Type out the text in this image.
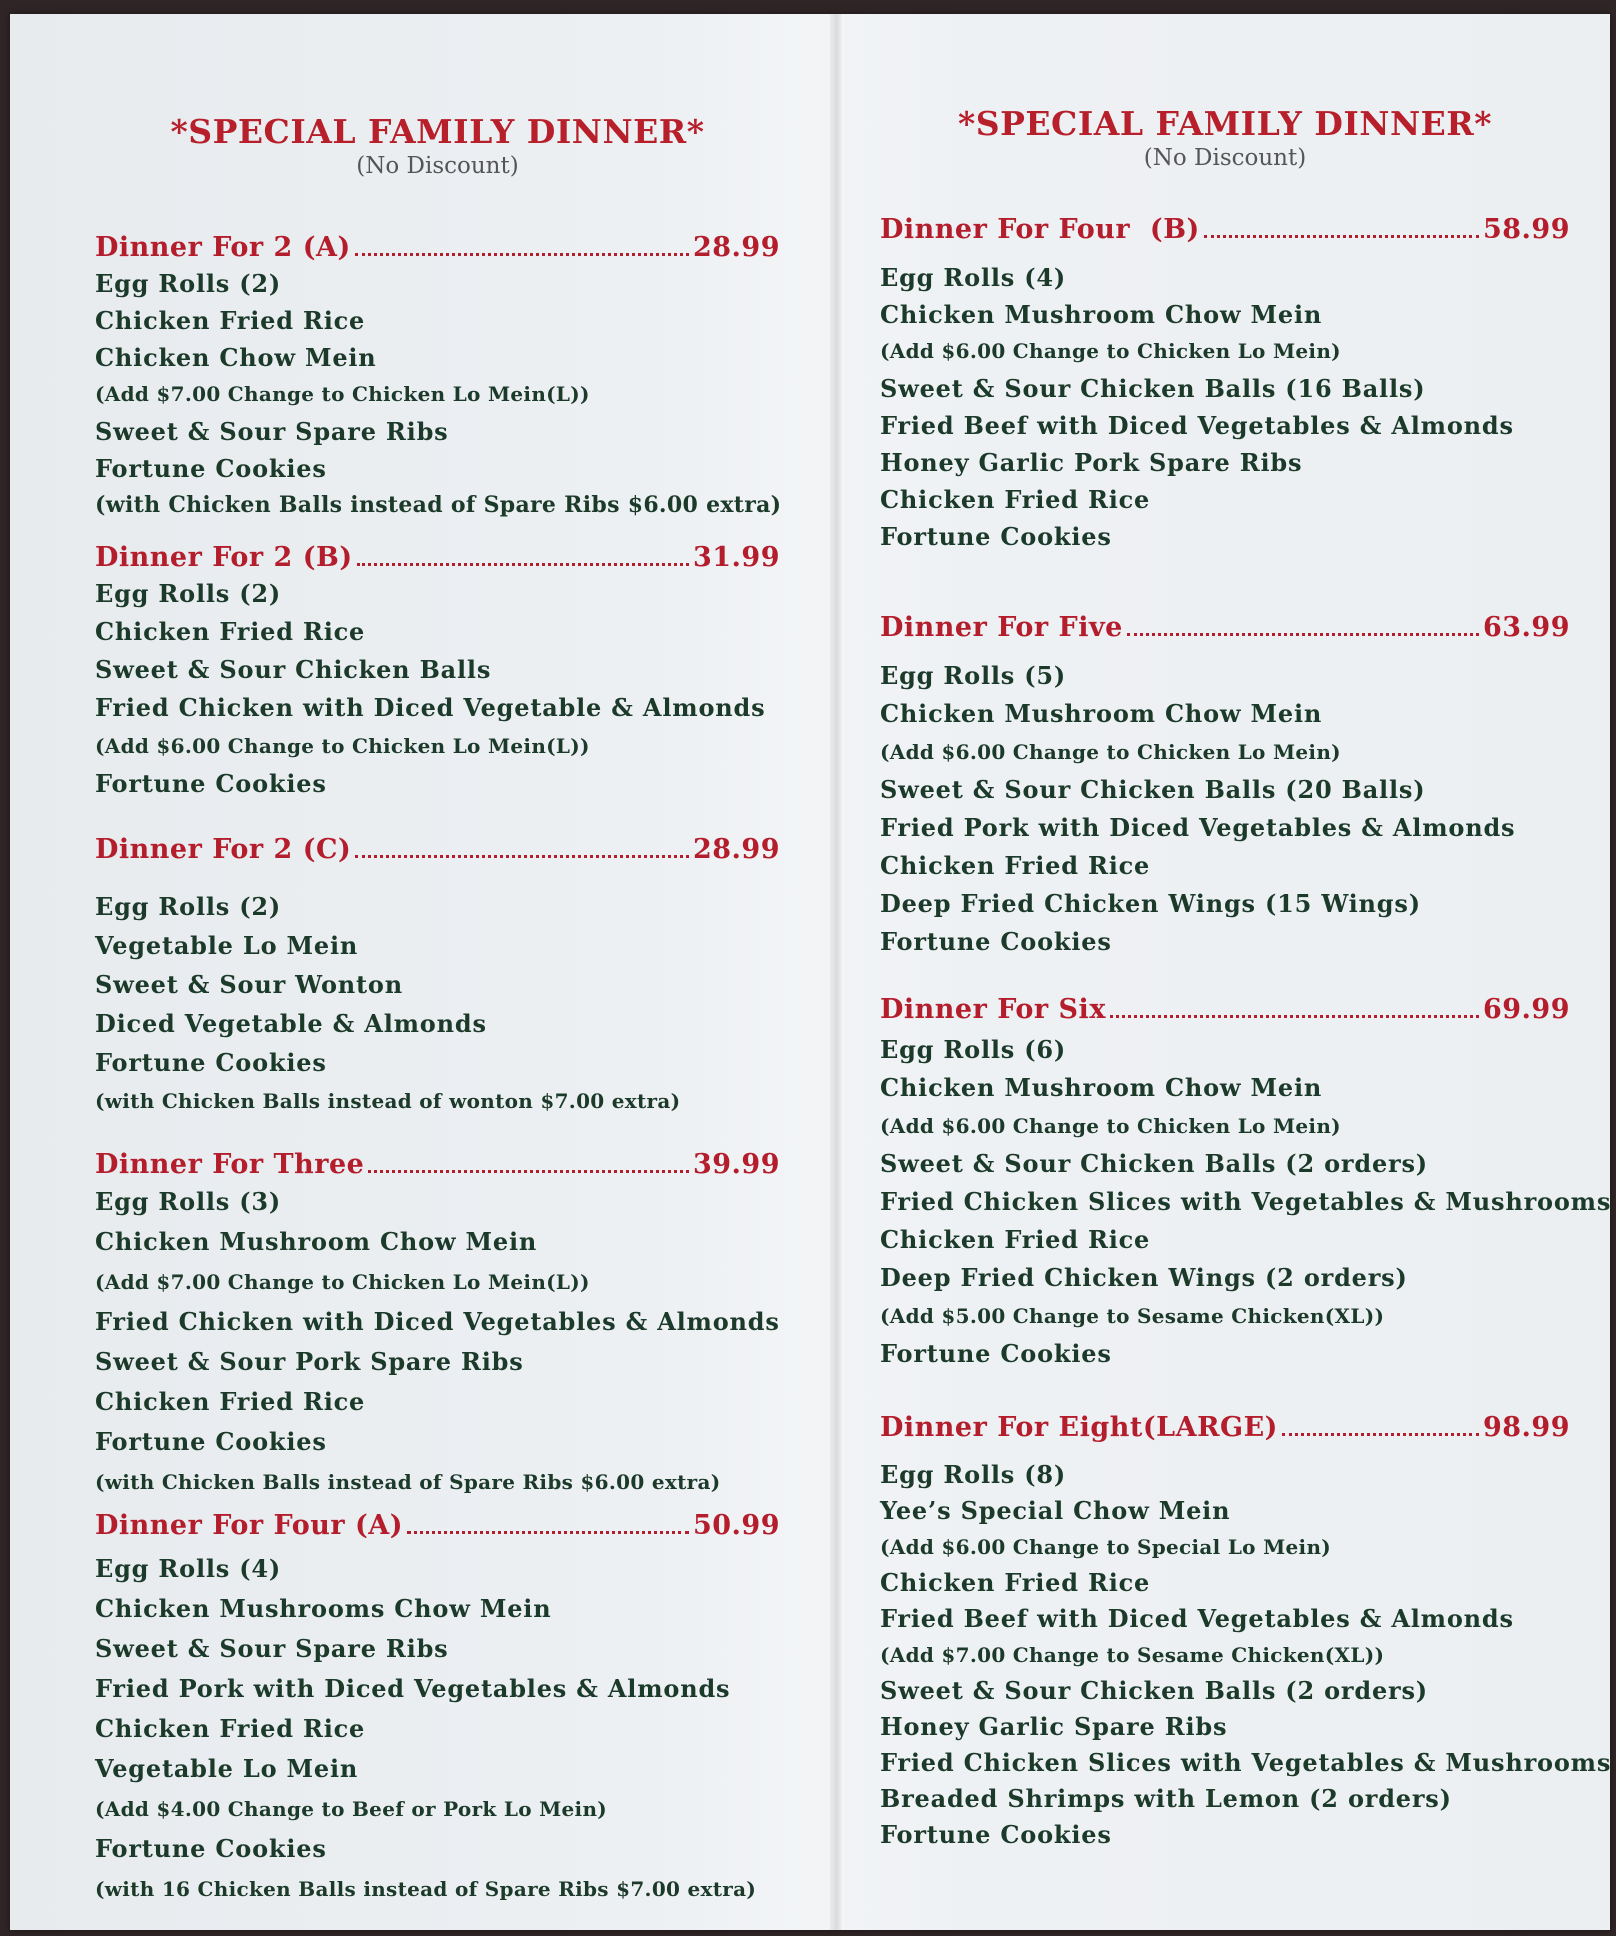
*SPECIAL FAMILY DINNER*

(No Discount)

Dinner For 2 (A)	28.99

Egg Rolls (2)

Chicken Fried Rice

Chicken Chow Mein

(Add $7.00 Change to Chicken Lo Mein(L))

Sweet & Sour Spare Ribs

Fortune Cookies

(with Chicken Balls instead of Spare Ribs $6.00 extra)

Dinner For 2 (B)	31.99

Egg Rolls (2)

Chicken Fried Rice

Sweet & Sour Chicken Balls

Fried Chicken with Diced Vegetable & Almonds

(Add $6.00 Change to Chicken Lo Mein(L))

Fortune Cookies

Dinner For 2 (C)	28.99

Egg Rolls (2)

Vegetable Lo Mein

Sweet & Sour Wonton

Diced Vegetable & Almonds

Fortune Cookies

(with Chicken Balls instead of wonton $7.00 extra)

Dinner For Three	39.99

Egg Rolls (3)

Chicken Mushroom Chow Mein

(Add $7.00 Change to Chicken Lo Mein(L))

Fried Chicken with Diced Vegetables & Almonds

Sweet & Sour Pork Spare Ribs

Chicken Fried Rice

Fortune Cookies

(with Chicken Balls instead of Spare Ribs $6.00 extra)

Dinner For Four (A)	50.99

Egg Rolls (4)

Chicken Mushrooms Chow Mein

Sweet & Sour Spare Ribs

Fried Pork with Diced Vegetables & Almonds

Chicken Fried Rice

Vegetable Lo Mein

(Add $4.00 Change to Beef or Pork Lo Mein)

Fortune Cookies

(with 16 Chicken Balls instead of Spare Ribs $7.00 extra)

*SPECIAL FAMILY DINNER*

(No Discount)

Dinner For Four  (B)	58.99

Egg Rolls (4)

Chicken Mushroom Chow Mein

(Add $6.00 Change to Chicken Lo Mein)

Sweet & Sour Chicken Balls (16 Balls)

Fried Beef with Diced Vegetables & Almonds

Honey Garlic Pork Spare Ribs

Chicken Fried Rice

Fortune Cookies

Dinner For Five	63.99

Egg Rolls (5)

Chicken Mushroom Chow Mein

(Add $6.00 Change to Chicken Lo Mein)

Sweet & Sour Chicken Balls (20 Balls)

Fried Pork with Diced Vegetables & Almonds

Chicken Fried Rice

Deep Fried Chicken Wings (15 Wings)

Fortune Cookies

Dinner For Six	69.99

Egg Rolls (6)

Chicken Mushroom Chow Mein

(Add $6.00 Change to Chicken Lo Mein)

Sweet & Sour Chicken Balls (2 orders)

Fried Chicken Slices with Vegetables & Mushrooms

Chicken Fried Rice

Deep Fried Chicken Wings (2 orders)

(Add $5.00 Change to Sesame Chicken(XL))

Fortune Cookies

Dinner For Eight(LARGE)	98.99

Egg Rolls (8)

Yee’s Special Chow Mein

(Add $6.00 Change to Special Lo Mein)

Chicken Fried Rice

Fried Beef with Diced Vegetables & Almonds

(Add $7.00 Change to Sesame Chicken(XL))

Sweet & Sour Chicken Balls (2 orders)

Honey Garlic Spare Ribs

Fried Chicken Slices with Vegetables & Mushrooms

Breaded Shrimps with Lemon (2 orders)

Fortune Cookies
